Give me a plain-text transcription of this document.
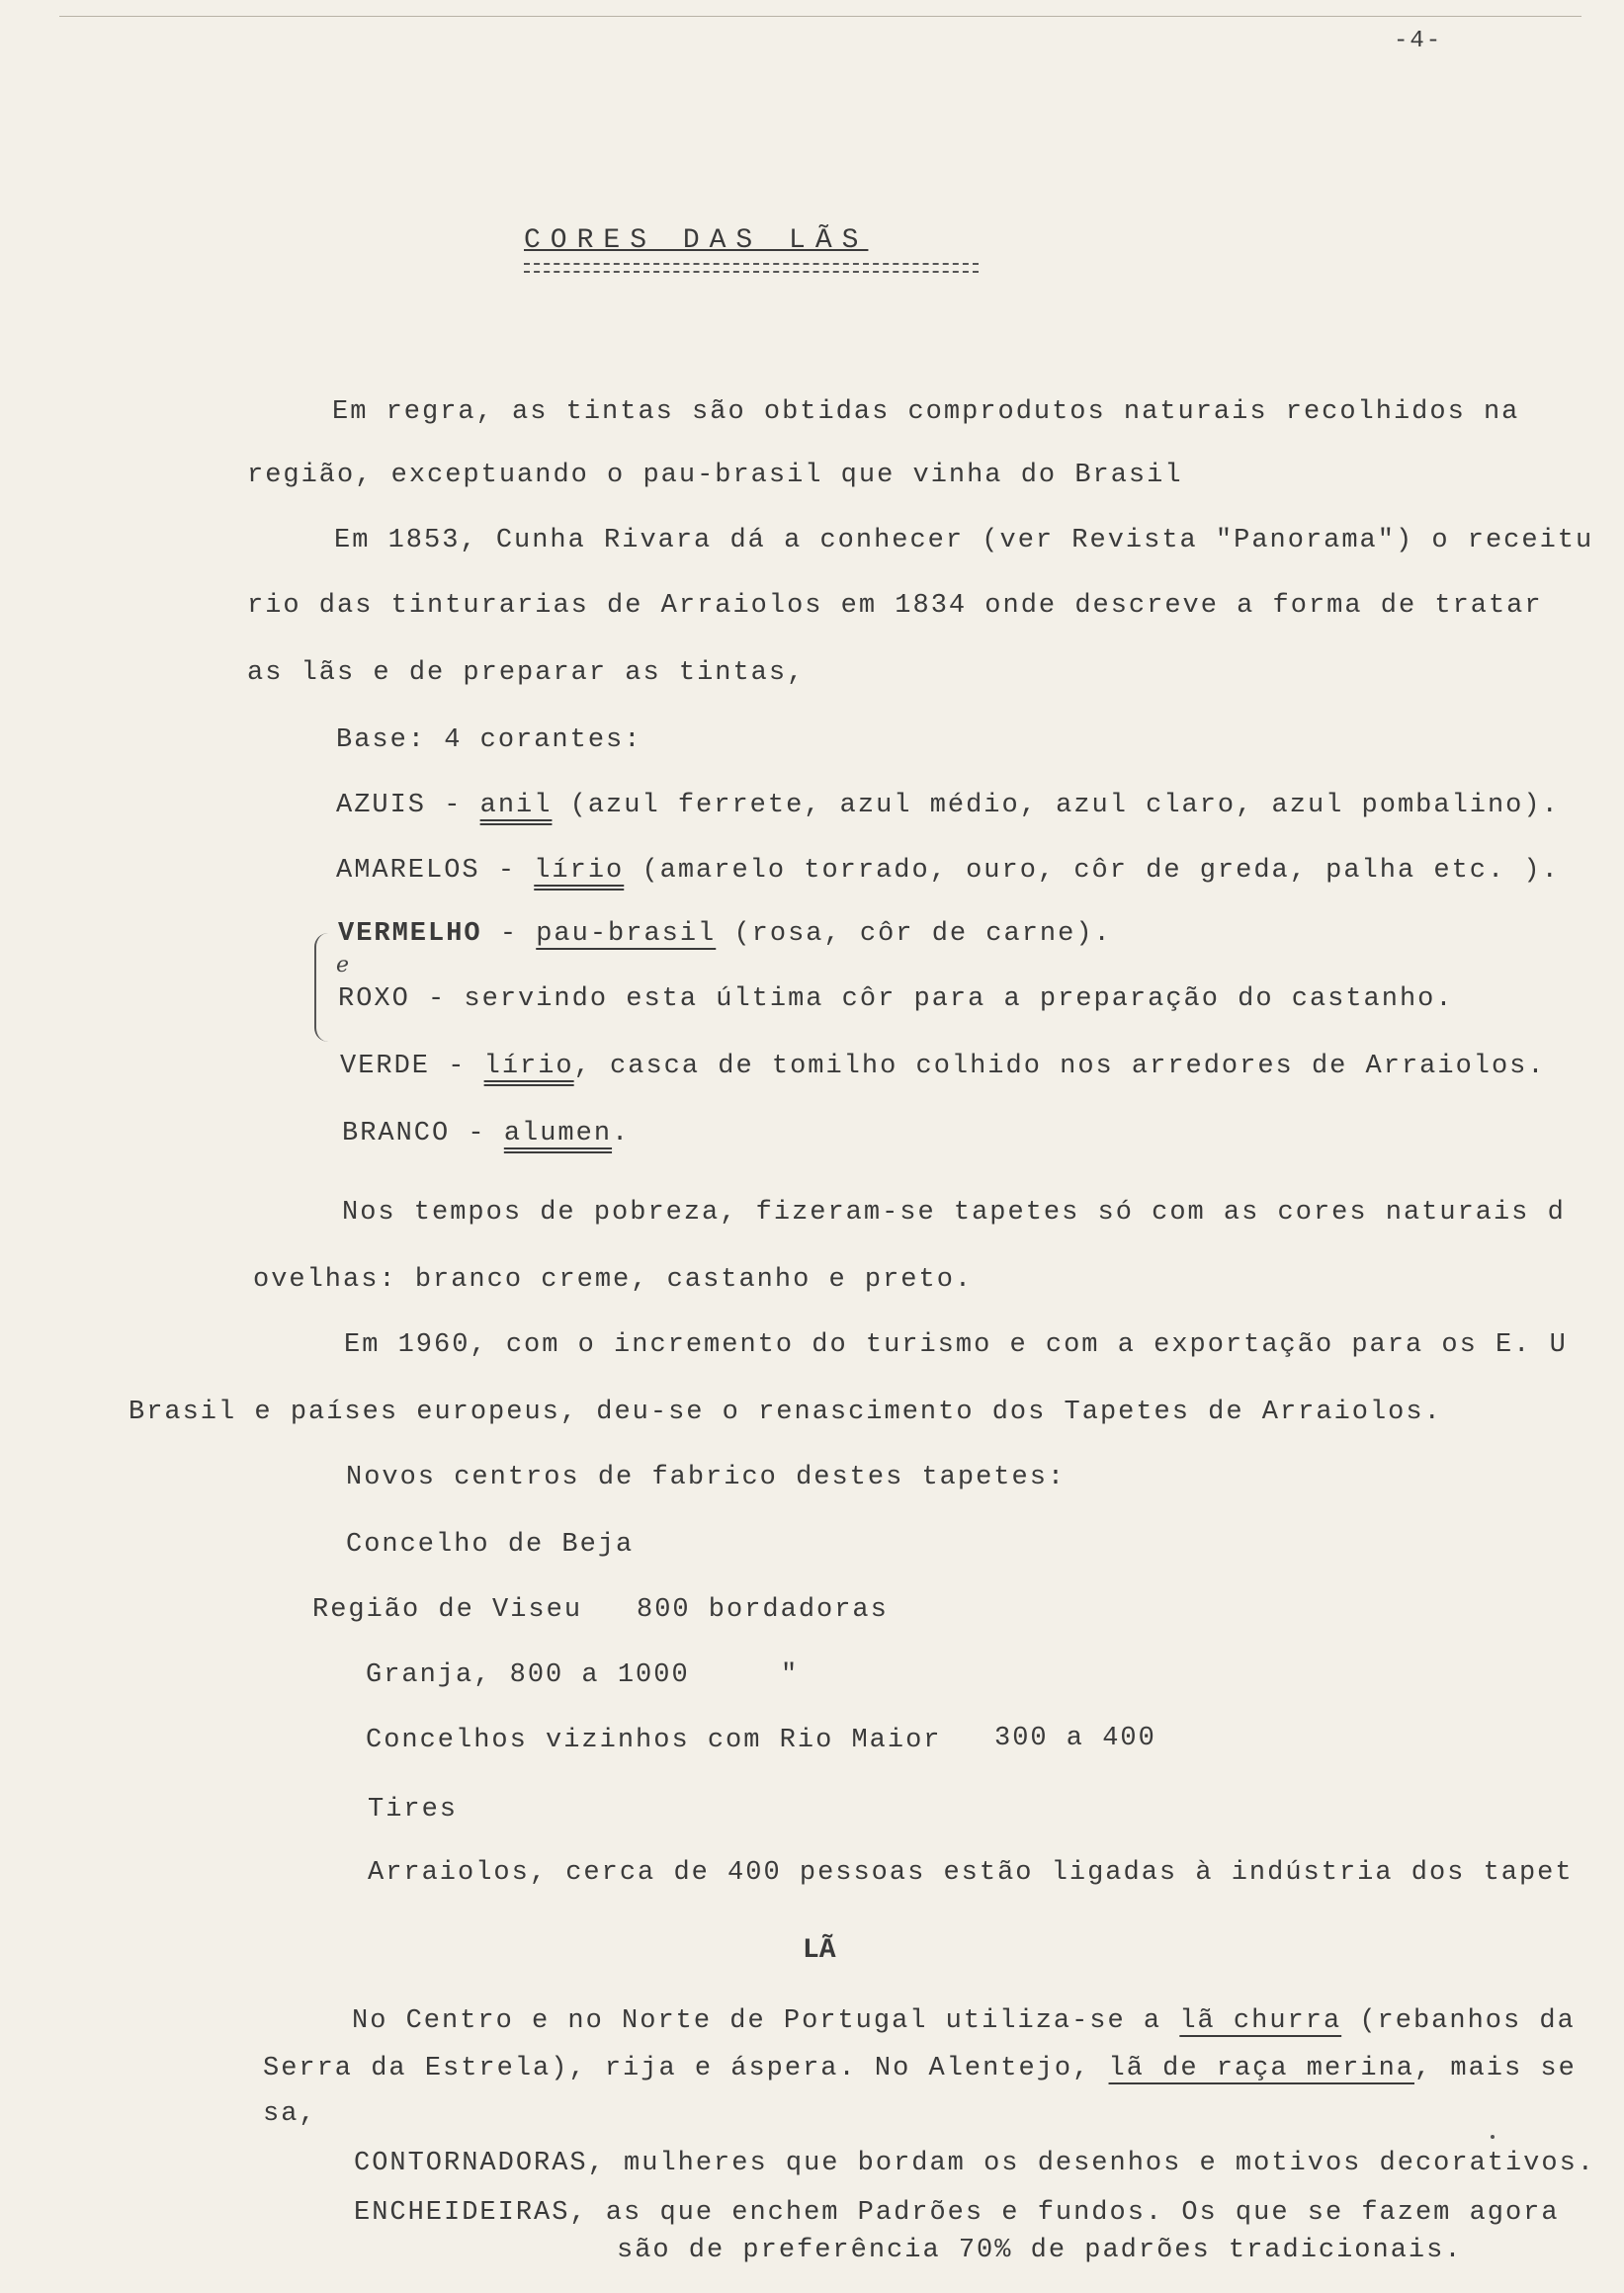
-4-
CORES DAS LÃS
Em regra, as tintas são obtidas comprodutos naturais recolhidos na
região, exceptuando o pau-brasil que vinha do Brasil
Em 1853, Cunha Rivara dá a conhecer (ver Revista "Panorama") o receitu
rio das tinturarias de Arraiolos em 1834 onde descreve a forma de tratar
as lãs e de preparar as tintas,
Base: 4 corantes:
AZUIS - anil (azul ferrete, azul médio, azul claro, azul pombalino).
AMARELOS - lírio (amarelo torrado, ouro, côr de greda, palha etc. ).
VERMELHO - pau-brasil (rosa, côr de carne).
e
ROXO - servindo esta última côr para a preparação do castanho.
VERDE - lírio, casca de tomilho colhido nos arredores de Arraiolos.
BRANCO - alumen.
Nos tempos de pobreza, fizeram-se tapetes só com as cores naturais d
ovelhas: branco creme, castanho e preto.
Em 1960, com o incremento do turismo e com a exportação para os E. U
Brasil e países europeus, deu-se o renascimento dos Tapetes de Arraiolos.
Novos centros de fabrico destes tapetes:
Concelho de Beja
Região de Viseu 800 bordadoras
Granja, 800 a 1000	"
Concelhos vizinhos com Rio Maior 300 a 400
Tires
Arraiolos, cerca de 400 pessoas estão ligadas à indústria dos tapet
LÃ
No Centro e no Norte de Portugal utiliza-se a lã churra (rebanhos da
Serra da Estrela), rija e áspera. No Alentejo, lã de raça merina, mais se
sa,
CONTORNADORAS, mulheres que bordam os desenhos e motivos decorativos.
ENCHEIDEIRAS, as que enchem Padrões e fundos. Os que se fazem agora
são de preferência 70% de padrões tradicionais.
